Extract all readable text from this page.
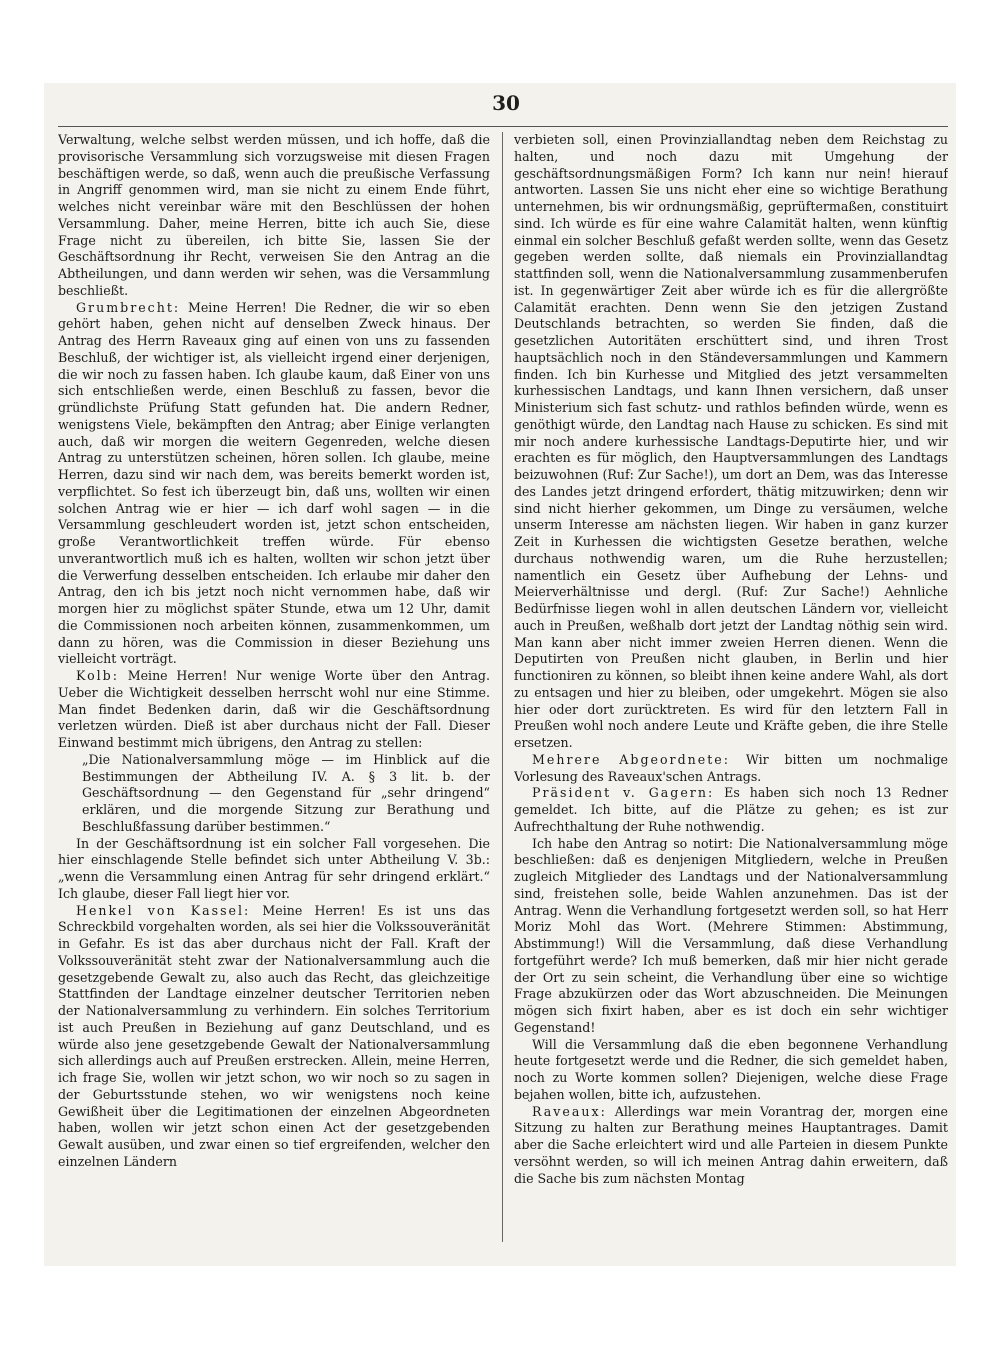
30

Verwaltung, welche selbst werden müssen, und ich hoffe, daß die provisorische Versammlung sich vorzugsweise mit diesen Fragen beschäftigen werde, so daß, wenn auch die preußische Verfassung in Angriff genommen wird, man sie nicht zu einem Ende führt, welches nicht vereinbar wäre mit den Beschlüssen der hohen Versammlung. Daher, meine Herren, bitte ich auch Sie, diese Frage nicht zu übereilen, ich bitte Sie, lassen Sie der Geschäftsordnung ihr Recht, verweisen Sie den Antrag an die Abtheilungen, und dann werden wir sehen, was die Versammlung beschließt.

Grumbrecht: Meine Herren! Die Redner, die wir so eben gehört haben, gehen nicht auf denselben Zweck hinaus. Der Antrag des Herrn Raveaux ging auf einen von uns zu fassenden Beschluß, der wichtiger ist, als vielleicht irgend einer derjenigen, die wir noch zu fassen haben. Ich glaube kaum, daß Einer von uns sich entschließen werde, einen Beschluß zu fassen, bevor die gründlichste Prüfung Statt gefunden hat. Die andern Redner, wenigstens Viele, bekämpften den Antrag; aber Einige verlangten auch, daß wir morgen die weitern Gegenreden, welche diesen Antrag zu unterstützen scheinen, hören sollen. Ich glaube, meine Herren, dazu sind wir nach dem, was bereits bemerkt worden ist, verpflichtet. So fest ich überzeugt bin, daß uns, wollten wir einen solchen Antrag wie er hier — ich darf wohl sagen — in die Versammlung geschleudert worden ist, jetzt schon entscheiden, große Verantwortlichkeit treffen würde. Für ebenso unverantwortlich muß ich es halten, wollten wir schon jetzt über die Verwerfung desselben entscheiden. Ich erlaube mir daher den Antrag, den ich bis jetzt noch nicht vernommen habe, daß wir morgen hier zu möglichst später Stunde, etwa um 12 Uhr, damit die Commissionen noch arbeiten können, zusammenkommen, um dann zu hören, was die Commission in dieser Beziehung uns vielleicht vorträgt.

Kolb: Meine Herren! Nur wenige Worte über den Antrag. Ueber die Wichtigkeit desselben herrscht wohl nur eine Stimme. Man findet Bedenken darin, daß wir die Geschäftsordnung verletzen würden. Dieß ist aber durchaus nicht der Fall. Dieser Einwand bestimmt mich übrigens, den Antrag zu stellen:

„Die Nationalversammlung möge — im Hinblick auf die Bestimmungen der Abtheilung IV. A. § 3 lit. b. der Geschäftsordnung — den Gegenstand für „sehr dringend“ erklären, und die morgende Sitzung zur Berathung und Beschlußfassung darüber bestimmen.“

In der Geschäftsordnung ist ein solcher Fall vorgesehen. Die hier einschlagende Stelle befindet sich unter Abtheilung V. 3b.: „wenn die Versammlung einen Antrag für sehr dringend erklärt.“ Ich glaube, dieser Fall liegt hier vor.

Henkel von Kassel: Meine Herren! Es ist uns das Schreckbild vorgehalten worden, als sei hier die Volkssouveränität in Gefahr. Es ist das aber durchaus nicht der Fall. Kraft der Volkssouveränität steht zwar der Nationalversammlung auch die gesetzgebende Gewalt zu, also auch das Recht, das gleichzeitige Stattfinden der Landtage einzelner deutscher Territorien neben der Nationalversammlung zu verhindern. Ein solches Territorium ist auch Preußen in Beziehung auf ganz Deutschland, und es würde also jene gesetzgebende Gewalt der Nationalversammlung sich allerdings auch auf Preußen erstrecken. Allein, meine Herren, ich frage Sie, wollen wir jetzt schon, wo wir noch so zu sagen in der Geburtsstunde stehen, wo wir wenigstens noch keine Gewißheit über die Legitimationen der einzelnen Abgeordneten haben, wollen wir jetzt schon einen Act der gesetzgebenden Gewalt ausüben, und zwar einen so tief ergreifenden, welcher den einzelnen Ländern

verbieten soll, einen Provinziallandtag neben dem Reichstag zu halten, und noch dazu mit Umgehung der geschäftsordnungsmäßigen Form? Ich kann nur nein! hierauf antworten. Lassen Sie uns nicht eher eine so wichtige Berathung unternehmen, bis wir ordnungsmäßig, geprüftermaßen, constituirt sind. Ich würde es für eine wahre Calamität halten, wenn künftig einmal ein solcher Beschluß gefaßt werden sollte, wenn das Gesetz gegeben werden sollte, daß niemals ein Provinziallandtag stattfinden soll, wenn die Nationalversammlung zusammenberufen ist. In gegenwärtiger Zeit aber würde ich es für die allergrößte Calamität erachten. Denn wenn Sie den jetzigen Zustand Deutschlands betrachten, so werden Sie finden, daß die gesetzlichen Autoritäten erschüttert sind, und ihren Trost hauptsächlich noch in den Ständeversammlungen und Kammern finden. Ich bin Kurhesse und Mitglied des jetzt versammelten kurhessischen Landtags, und kann Ihnen versichern, daß unser Ministerium sich fast schutz- und rathlos befinden würde, wenn es genöthigt würde, den Landtag nach Hause zu schicken. Es sind mit mir noch andere kurhessische Landtags-Deputirte hier, und wir erachten es für möglich, den Hauptversammlungen des Landtags beizuwohnen (Ruf: Zur Sache!), um dort an Dem, was das Interesse des Landes jetzt dringend erfordert, thätig mitzuwirken; denn wir sind nicht hierher gekommen, um Dinge zu versäumen, welche unserm Interesse am nächsten liegen. Wir haben in ganz kurzer Zeit in Kurhessen die wichtigsten Gesetze berathen, welche durchaus nothwendig waren, um die Ruhe herzustellen; namentlich ein Gesetz über Aufhebung der Lehns- und Meierverhältnisse und dergl. (Ruf: Zur Sache!) Aehnliche Bedürfnisse liegen wohl in allen deutschen Ländern vor, vielleicht auch in Preußen, weßhalb dort jetzt der Landtag nöthig sein wird. Man kann aber nicht immer zweien Herren dienen. Wenn die Deputirten von Preußen nicht glauben, in Berlin und hier functioniren zu können, so bleibt ihnen keine andere Wahl, als dort zu entsagen und hier zu bleiben, oder umgekehrt. Mögen sie also hier oder dort zurücktreten. Es wird für den letztern Fall in Preußen wohl noch andere Leute und Kräfte geben, die ihre Stelle ersetzen.

Mehrere Abgeordnete: Wir bitten um nochmalige Vorlesung des Raveaux'schen Antrags.

Präsident v. Gagern: Es haben sich noch 13 Redner gemeldet. Ich bitte, auf die Plätze zu gehen; es ist zur Aufrechthaltung der Ruhe nothwendig.

Ich habe den Antrag so notirt: Die Nationalversammlung möge beschließen: daß es denjenigen Mitgliedern, welche in Preußen zugleich Mitglieder des Landtags und der Nationalversammlung sind, freistehen solle, beide Wahlen anzunehmen. Das ist der Antrag. Wenn die Verhandlung fortgesetzt werden soll, so hat Herr Moriz Mohl das Wort. (Mehrere Stimmen: Abstimmung, Abstimmung!) Will die Versammlung, daß diese Verhandlung fortgeführt werde? Ich muß bemerken, daß mir hier nicht gerade der Ort zu sein scheint, die Verhandlung über eine so wichtige Frage abzukürzen oder das Wort abzuschneiden. Die Meinungen mögen sich fixirt haben, aber es ist doch ein sehr wichtiger Gegenstand!

Will die Versammlung daß die eben begonnene Verhandlung heute fortgesetzt werde und die Redner, die sich gemeldet haben, noch zu Worte kommen sollen? Diejenigen, welche diese Frage bejahen wollen, bitte ich, aufzustehen.

Raveaux: Allerdings war mein Vorantrag der, morgen eine Sitzung zu halten zur Berathung meines Hauptantrages. Damit aber die Sache erleichtert wird und alle Parteien in diesem Punkte versöhnt werden, so will ich meinen Antrag dahin erweitern, daß die Sache bis zum nächsten Montag
